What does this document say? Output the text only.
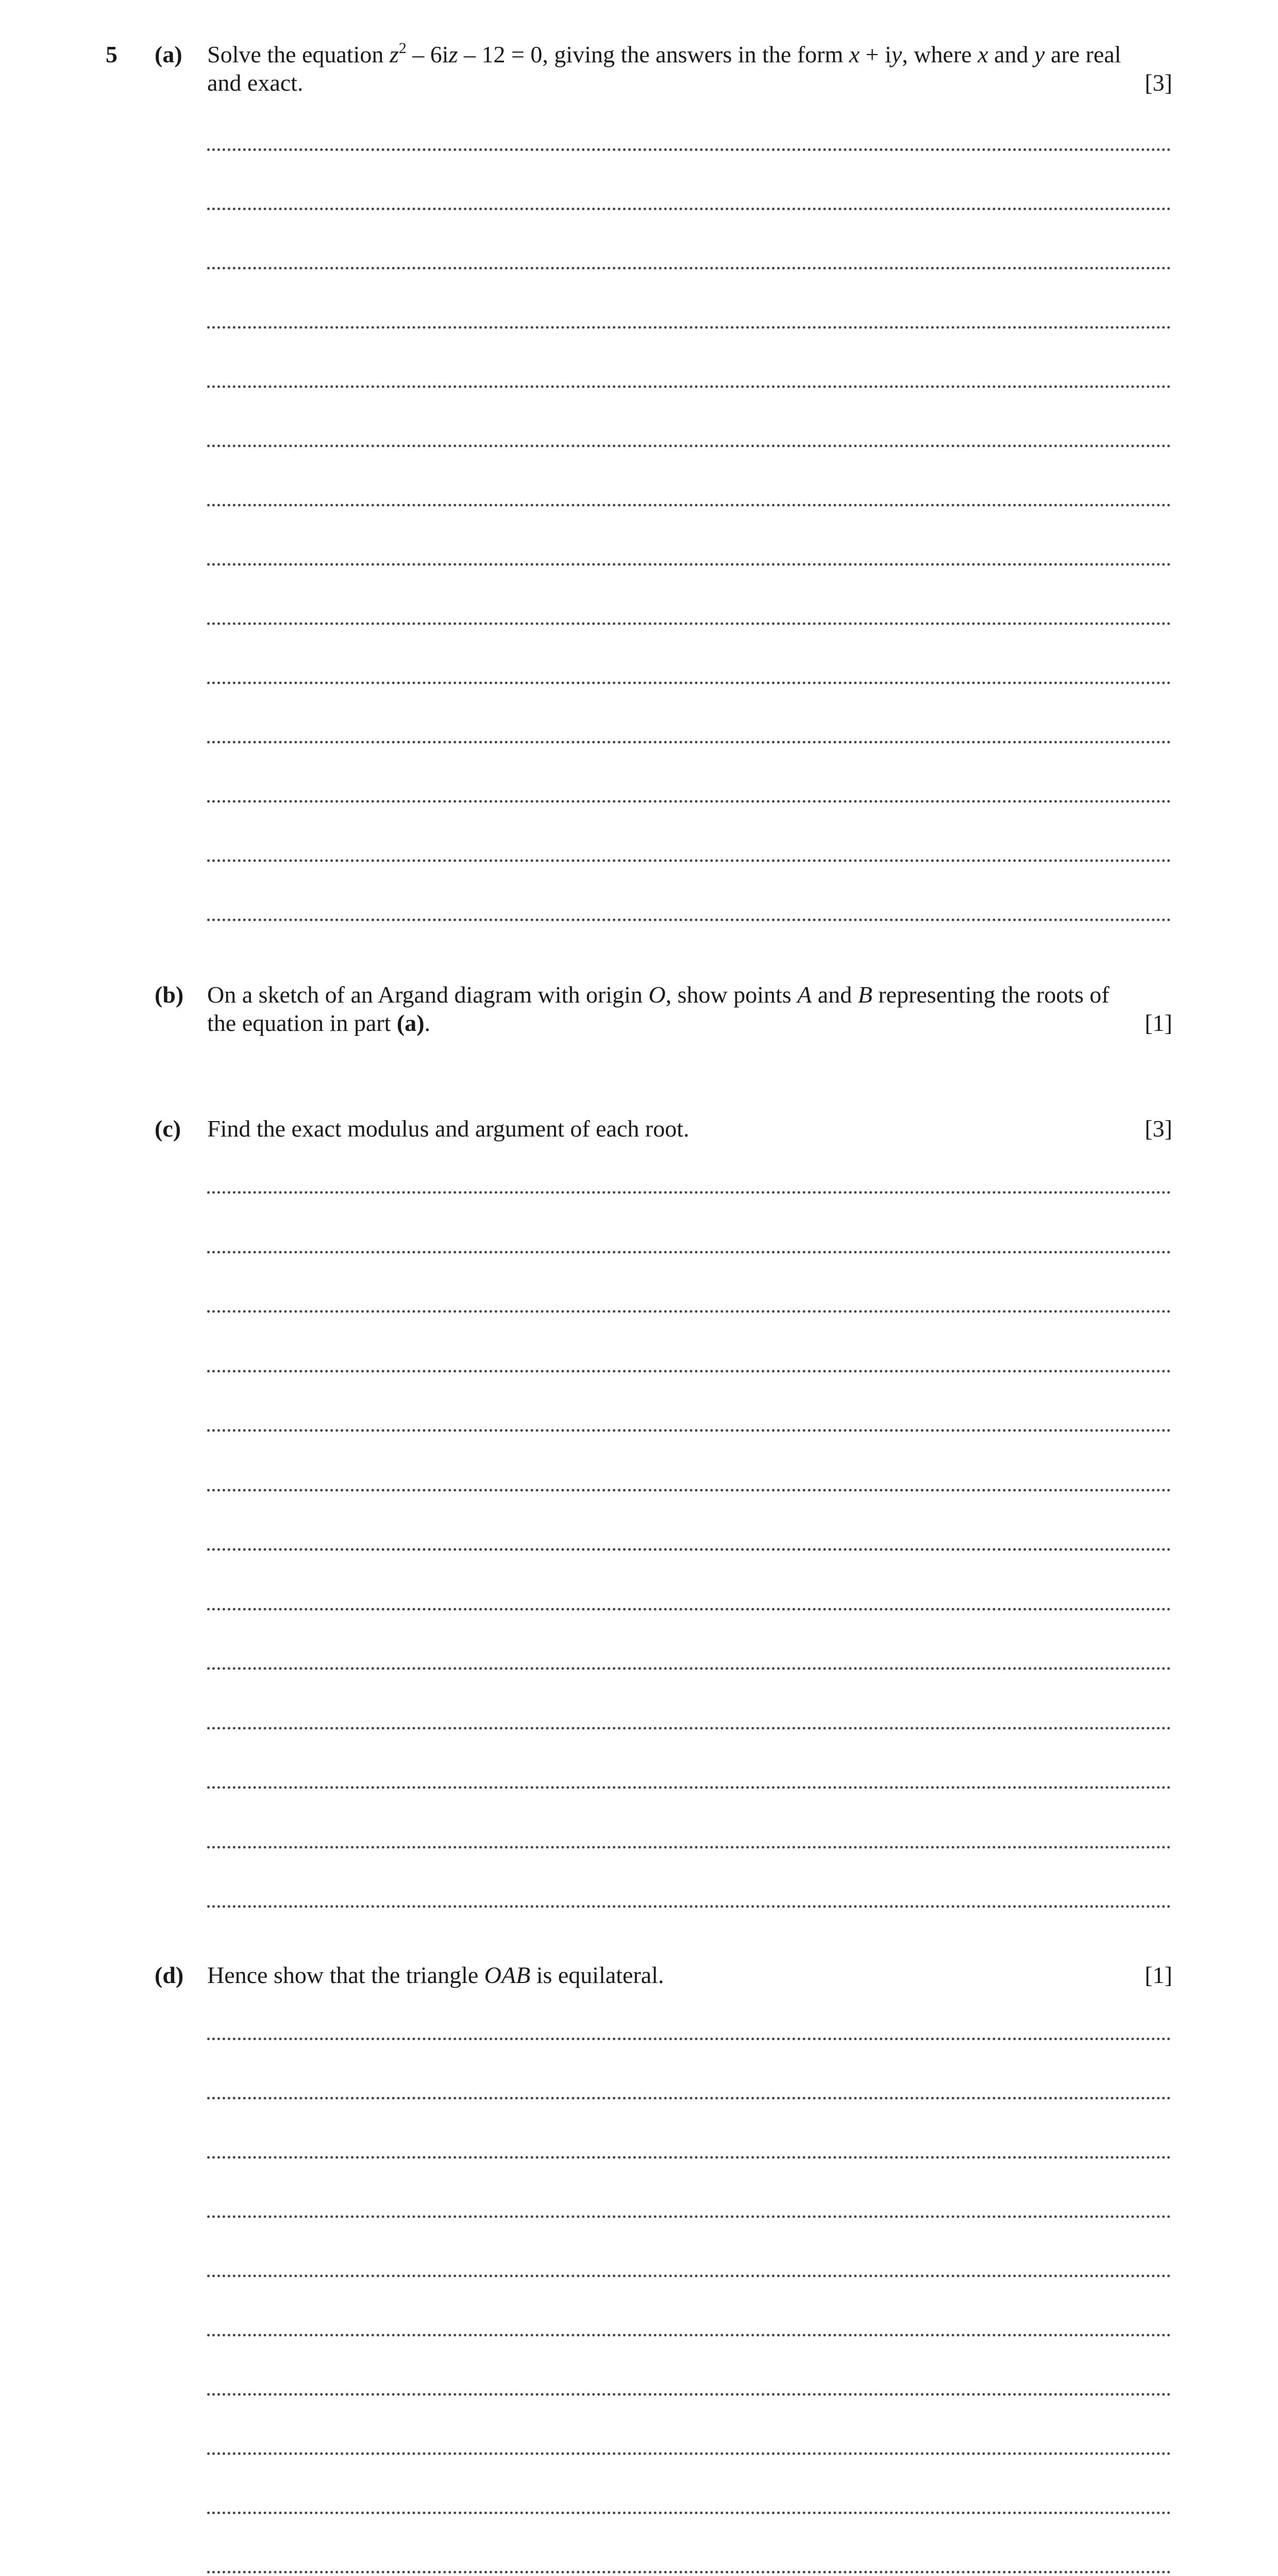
5 (a) Solve the equation $z^2 - 6iz - 12 = 0$, giving the answers in the form x + iy, where x and y are real
and exact.	[3]
(b) On a sketch of an Argand diagram with origin O, show points A and B representing the roots of
the equation in part (a).	[1]
(c) Find the exact modulus and argument of each root.	[3]
(d) Hence show that the triangle OAB is equilateral.	[1]
